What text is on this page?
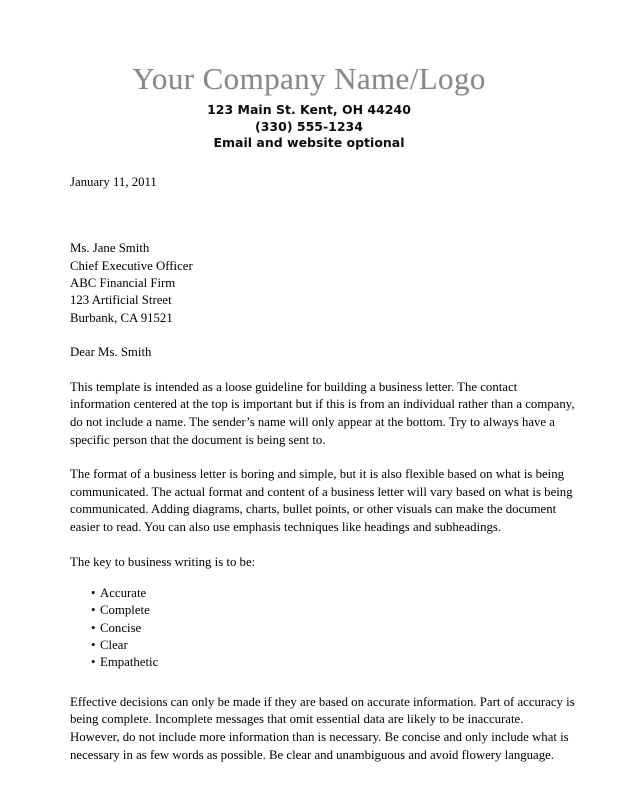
Your Company Name/Logo
123 Main St. Kent, OH 44240
(330) 555-1234
Email and website optional
January 11, 2011
Ms. Jane Smith
Chief Executive Officer
ABC Financial Firm
123 Artificial Street
Burbank, CA 91521
Dear Ms. Smith

This template is intended as a loose guideline for building a business letter. The contact information centered at the top is important but if this is from an individual rather than a company, do not include a name. The sender’s name will only appear at the bottom. Try to always have a specific person that the document is being sent to.

The format of a business letter is boring and simple, but it is also flexible based on what is being communicated. The actual format and content of a business letter will vary based on what is being communicated. Adding diagrams, charts, bullet points, or other visuals can make the document easier to read. You can also use emphasis techniques like headings and subheadings.

The key to business writing is to be:

• Accurate
• Complete
• Concise
• Clear
• Empathetic

Effective decisions can only be made if they are based on accurate information. Part of accuracy is being complete. Incomplete messages that omit essential data are likely to be inaccurate. However, do not include more information than is necessary. Be concise and only include what is necessary in as few words as possible. Be clear and unambiguous and avoid flowery language.
